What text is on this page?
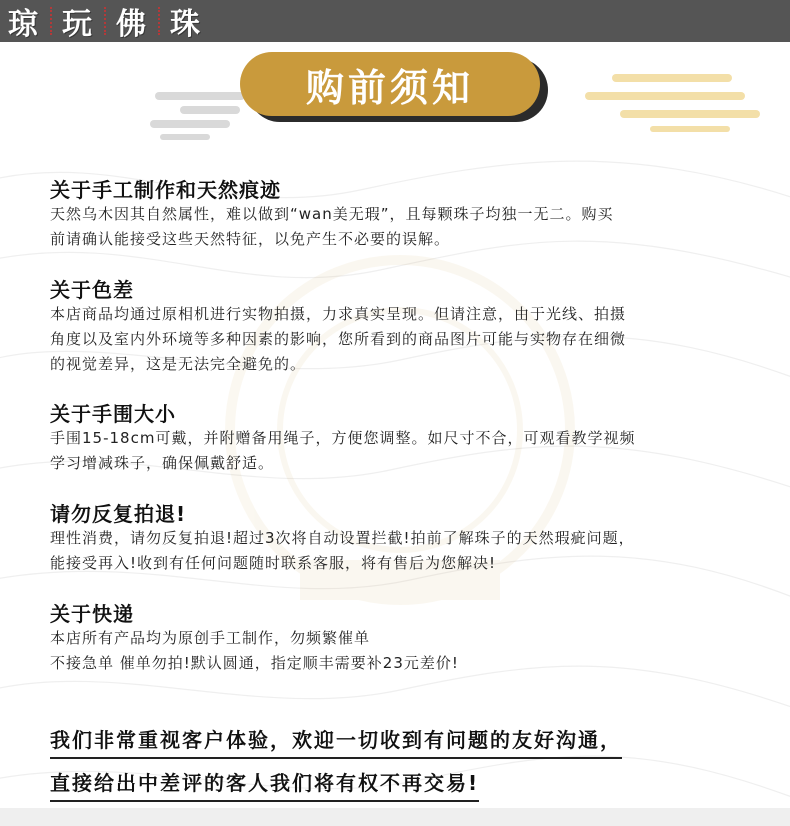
琼 玩 佛 珠
购前须知
关于手工制作和天然痕迹
天然乌木因其自然属性，难以做到“wan美无瑕”，且每颗珠子均独一无二。购买
前请确认能接受这些天然特征，以免产生不必要的误解。
关于色差
本店商品均通过原相机进行实物拍摄，力求真实呈现。但请注意，由于光线、拍摄
角度以及室内外环境等多种因素的影响，您所看到的商品图片可能与实物存在细微
的视觉差异，这是无法完全避免的。
关于手围大小
手围15-18cm可戴，并附赠备用绳子，方便您调整。如尺寸不合，可观看教学视频
学习增减珠子，确保佩戴舒适。
请勿反复拍退!
理性消费，请勿反复拍退!超过3次将自动设置拦截!拍前了解珠子的天然瑕疵问题，
能接受再入!收到有任何问题随时联系客服，将有售后为您解决!
关于快递
本店所有产品均为原创手工制作，勿频繁催单
不接急单 催单勿拍!默认圆通，指定顺丰需要补23元差价!
我们非常重视客户体验，欢迎一切收到有问题的友好沟通，
直接给出中差评的客人我们将有权不再交易!
